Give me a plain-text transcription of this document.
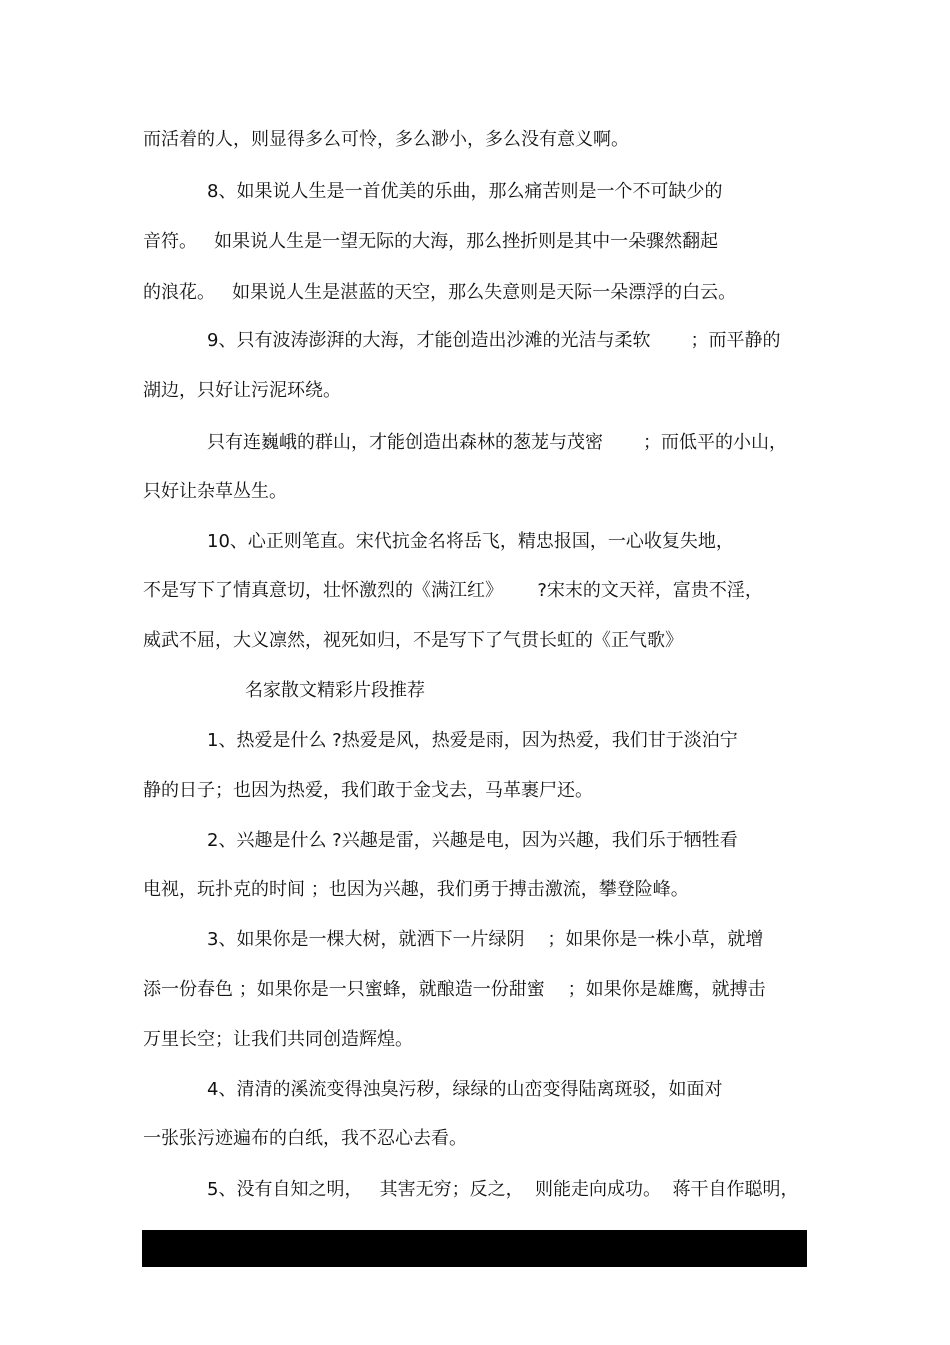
而活着的人，则显得多么可怜，多么渺小，多么没有意义啊。
8、如果说人生是一首优美的乐曲，那么痛苦则是一个不可缺少的
音符。   如果说人生是一望无际的大海，那么挫折则是其中一朵骤然翻起
的浪花。   如果说人生是湛蓝的天空，那么失意则是天际一朵漂浮的白云。
9、只有波涛澎湃的大海，才能创造出沙滩的光洁与柔软       ；而平静的
湖边，只好让污泥环绕。
只有连巍峨的群山，才能创造出森林的葱茏与茂密       ；而低平的小山，
只好让杂草丛生。
10、心正则笔直。宋代抗金名将岳飞，精忠报国，一心收复失地，
不是写下了情真意切，壮怀激烈的《满江红》      ?宋末的文天祥，富贵不淫，
威武不屈，大义凛然，视死如归，不是写下了气贯长虹的《正气歌》
名家散文精彩片段推荐
1、热爱是什么 ?热爱是风，热爱是雨，因为热爱，我们甘于淡泊宁
静的日子；也因为热爱，我们敢于金戈去，马革裹尸还。
2、兴趣是什么 ?兴趣是雷，兴趣是电，因为兴趣，我们乐于牺牲看
电视，玩扑克的时间 ；也因为兴趣，我们勇于搏击激流，攀登险峰。
3、如果你是一棵大树，就洒下一片绿阴    ；如果你是一株小草，就增
添一份春色 ；如果你是一只蜜蜂，就酿造一份甜蜜    ；如果你是雄鹰，就搏击
万里长空；让我们共同创造辉煌。
4、清清的溪流变得浊臭污秽，绿绿的山峦变得陆离斑驳，如面对
一张张污迹遍布的白纸，我不忍心去看。
5、没有自知之明，   其害无穷；反之，  则能走向成功。  蒋干自作聪明，
